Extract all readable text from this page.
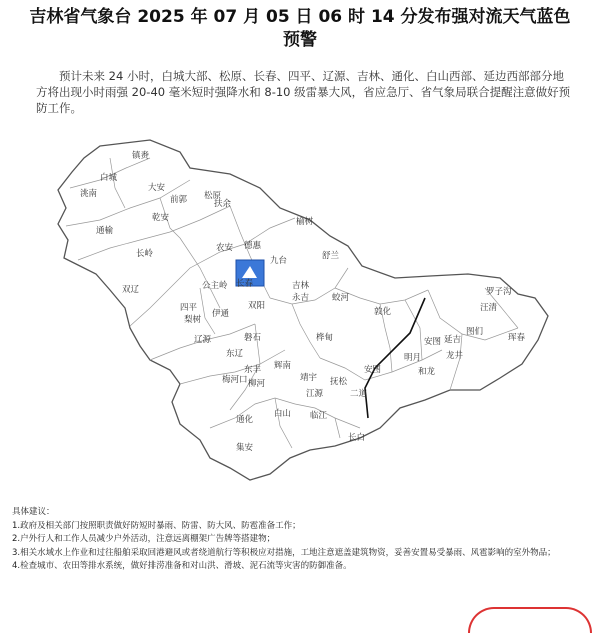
吉林省气象台 2025 年 07 月 05 日 06 时 14 分发布强对流天气蓝色
预警
预计未来 24 小时，白城大部、松原、长春、四平、辽源、吉林、通化、白山西部、延边西部部分地方将出现小时雨强 20-40 毫米短时强降水和 8-10 级雷暴大风，省应急厅、省气象局联合提醒注意做好预防工作。
镇赉
洮南
白城
大安
通榆
乾安
前郭 松原
长岭
扶余
榆树
农安 德惠
长春
九台	舒兰
双辽	公主岭	吉林
永吉	蛟河
敦化
伊通
双阳
四平
梨树
东丰
东辽
磐石	桦甸	安图
和龙
龙井
延吉
图们
汪清
珲春
罗子沟
辉南
柳河
梅河口
通化
集安
靖宇 抚松
白山 临江
长白
安图
二道
江源
辽源
明月
具体建议：
1.政府及相关部门按照职责做好防短时暴雨、防雷、防大风、防雹准备工作；
2.户外行人和工作人员减少户外活动，注意远离棚架广告牌等搭建物；
3.相关水域水上作业和过往船舶采取回港避风或者绕道航行等积极应对措施，工地注意遮盖建筑物资，妥善安置易受暴雨、风雹影响的室外物品；
4.检查城市、农田等排水系统，做好排涝准备和对山洪、滑坡、泥石流等灾害的防御准备。
